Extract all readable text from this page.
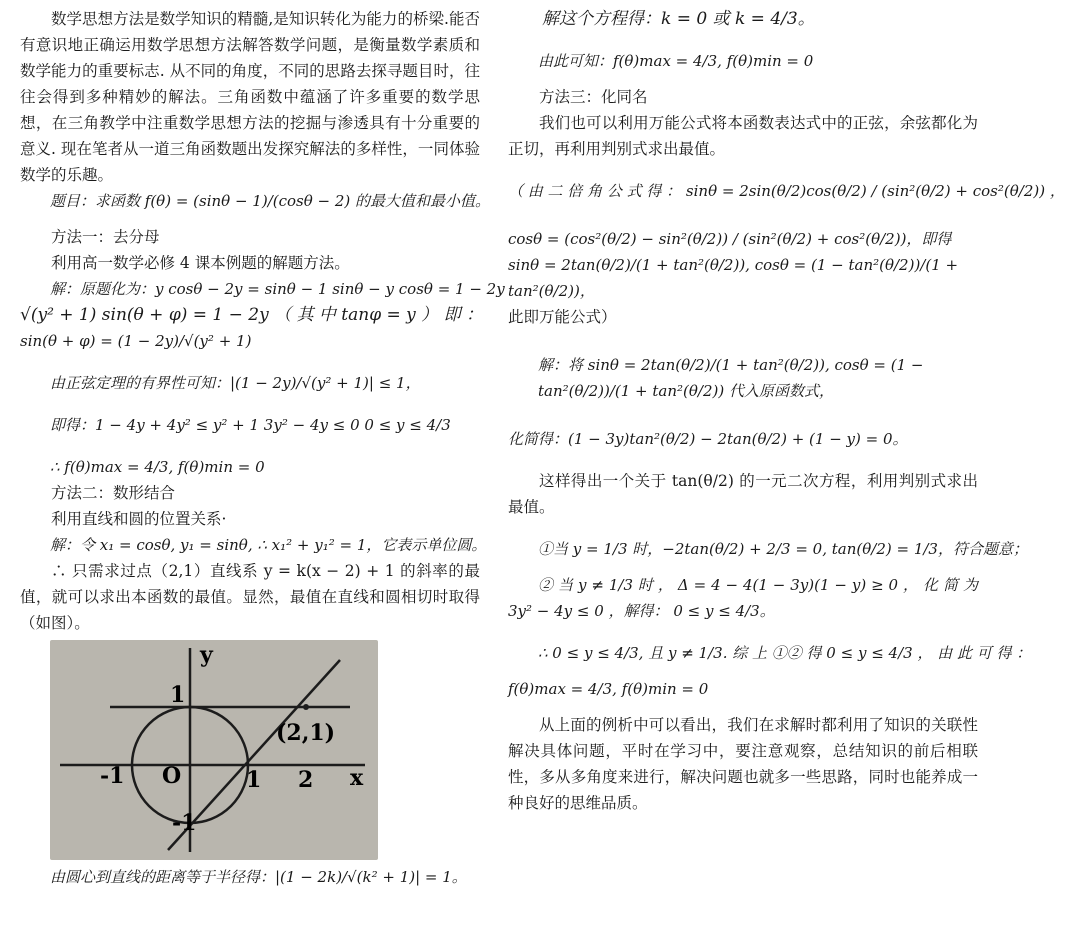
数学思想方法是数学知识的精髓,是知识转化为能力的桥梁.能否有意识地正确运用数学思想方法解答数学问题，是衡量数学素质和数学能力的重要标志. 从不同的角度，不同的思路去探寻题目时，往往会得到多种精妙的解法。三角函数中蕴涵了许多重要的数学思想，在三角教学中注重数学思想方法的挖掘与渗透具有十分重要的意义. 现在笔者从一道三角函数题出发探究解法的多样性，一同体验数学的乐趣。

题目：求函数 f(θ) = (sinθ − 1)/(cosθ − 2) 的最大值和最小值。
方法一：去分母
利用高一数学必修 4 课本例题的解题方法。
解：原题化为：y cosθ − 2y = sinθ − 1 sinθ − y cosθ = 1 − 2y
√(y² + 1) sin(θ + φ) = 1 − 2y （ 其 中 tanφ = y ） 即 ：
sin(θ + φ) = (1 − 2y)/√(y² + 1)
由正弦定理的有界性可知：|(1 − 2y)/√(y² + 1)| ≤ 1，
即得：1 − 4y + 4y² ≤ y² + 1 3y² − 4y ≤ 0 0 ≤ y ≤ 4/3
∴ f(θ)max = 4/3, f(θ)min = 0
方法二：数形结合
利用直线和圆的位置关系·
解：令 x₁ = cosθ, y₁ = sinθ, ∴ x₁² + y₁² = 1，它表示单位圆。

∴ 只需求过点（2,1）直线系 y = k(x − 2) + 1 的斜率的最值，就可以求出本函数的最值。显然，最值在直线和圆相切时取得（如图）。

y
x
O
-1	1 2
1
-1
(2,1)
由圆心到直线的距离等于半径得：|(1 − 2k)/√(k² + 1)| = 1。
解这个方程得：k = 0 或 k = 4/3。
由此可知：f(θ)max = 4/3, f(θ)min = 0
方法三：化同名

我们也可以利用万能公式将本函数表达式中的正弦，余弦都化为正切，再利用判别式求出最值。

（ 由 二 倍 角 公 式 得 ： sinθ = 2sin(θ/2)cos(θ/2) / (sin²(θ/2) + cos²(θ/2)) ，
cosθ = (cos²(θ/2) − sin²(θ/2)) / (sin²(θ/2) + cos²(θ/2))，即得 sinθ = 2tan(θ/2)/(1 + tan²(θ/2)), cosθ = (1 − tan²(θ/2))/(1 + tan²(θ/2))，
此即万能公式）
解：将 sinθ = 2tan(θ/2)/(1 + tan²(θ/2)), cosθ = (1 − tan²(θ/2))/(1 + tan²(θ/2)) 代入原函数式，
化简得：(1 − 3y)tan²(θ/2) − 2tan(θ/2) + (1 − y) = 0。

这样得出一个关于 tan(θ/2) 的一元二次方程，利用判别式求出最值。

①当 y = 1/3 时，−2tan(θ/2) + 2/3 = 0, tan(θ/2) = 1/3，符合题意；

② 当 y ≠ 1/3 时 ， Δ = 4 − 4(1 − 3y)(1 − y) ≥ 0 ， 化 简 为 3y² − 4y ≤ 0 ，解得： 0 ≤ y ≤ 4/3。

∴ 0 ≤ y ≤ 4/3, 且 y ≠ 1/3. 综 上 ①② 得 0 ≤ y ≤ 4/3 ， 由 此 可 得 ：
f(θ)max = 4/3, f(θ)min = 0

从上面的例析中可以看出，我们在求解时都利用了知识的关联性解决具体问题，平时在学习中，要注意观察，总结知识的前后相联性，多从多角度来进行，解决问题也就多一些思路，同时也能养成一种良好的思维品质。
